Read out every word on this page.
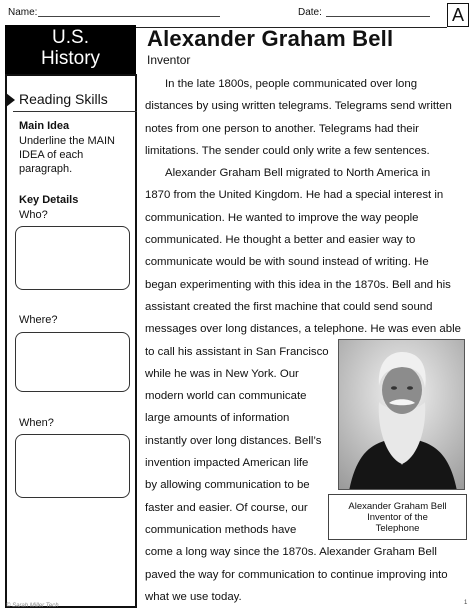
Name:	Date:	A
U.S.
History
Alexander Graham Bell
Inventor
Reading Skills
Main Idea
Underline the MAIN
IDEA of each
paragraph.
Key Details
Who?
Where?
When?
In the late 1800s, people communicated over long
distances by using written telegrams. Telegrams send written
notes from one person to another. Telegrams had their
limitations. The sender could only write a few sentences.
Alexander Graham Bell migrated to North America in
1870 from the United Kingdom. He had a special interest in
communication. He wanted to improve the way people
communicated. He thought a better and easier way to
communicate would be with sound instead of writing. He
began experimenting with this idea in the 1870s. Bell and his
assistant created the first machine that could send sound
messages over long distances, a telephone. He was even able
to call his assistant in San Francisco
while he was in New York. Our
modern world can communicate
large amounts of information
instantly over long distances. Bell’s
invention impacted American life
by allowing communication to be
faster and easier. Of course, our
communication methods have
come a long way since the 1870s. Alexander Graham Bell
paved the way for communication to continue improving into
what we use today.
Alexander Graham Bell
Inventor of the
Telephone
© Sarah Miller Tech	1
